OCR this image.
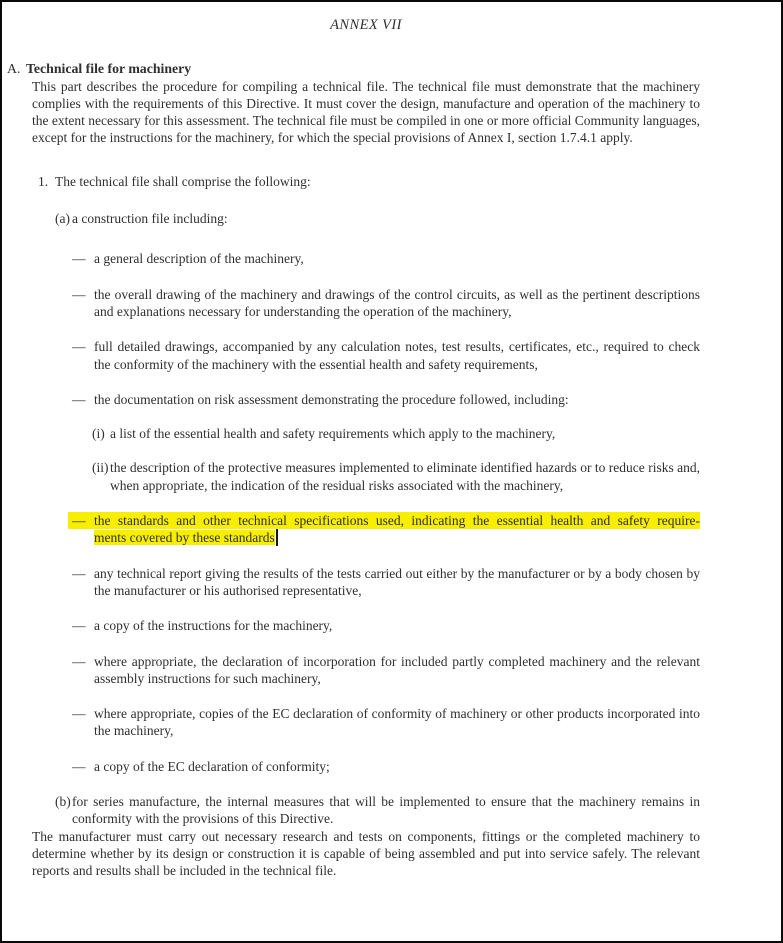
ANNEX VII
A. Technical file for machinery

This part describes the procedure for compiling a technical file. The technical file must demonstrate that the machinery complies with the requirements of this Directive. It must cover the design, manufacture and operation of the machinery to the extent necessary for this assessment. The technical file must be compiled in one or more official Community languages, except for the instructions for the machinery, for which the special provisions of Annex I, section 1.7.4.1 apply.

1. The technical file shall comprise the following:
(a) a construction file including:
— a general description of the machinery,
— the overall drawing of the machinery and drawings of the control circuits, as well as the pertinent descriptions and explanations necessary for understanding the operation of the machinery,
— full detailed drawings, accompanied by any calculation notes, test results, certificates, etc., required to check the conformity of the machinery with the essential health and safety requirements,
— the documentation on risk assessment demonstrating the procedure followed, including:
(i) a list of the essential health and safety requirements which apply to the machinery,
(ii) the description of the protective measures implemented to eliminate identified hazards or to reduce risks and, when appropriate, the indication of the residual risks associated with the machinery,
— the standards and other technical specifications used, indicating the essential health and safety require-
ments covered by these standards
— any technical report giving the results of the tests carried out either by the manufacturer or by a body chosen by the manufacturer or his authorised representative,
— a copy of the instructions for the machinery,
— where appropriate, the declaration of incorporation for included partly completed machinery and the relevant assembly instructions for such machinery,
— where appropriate, copies of the EC declaration of conformity of machinery or other products incorporated into the machinery,
— a copy of the EC declaration of conformity;
(b) for series manufacture, the internal measures that will be implemented to ensure that the machinery remains in conformity with the provisions of this Directive.

The manufacturer must carry out necessary research and tests on components, fittings or the completed machinery to determine whether by its design or construction it is capable of being assembled and put into service safely. The relevant reports and results shall be included in the technical file.
